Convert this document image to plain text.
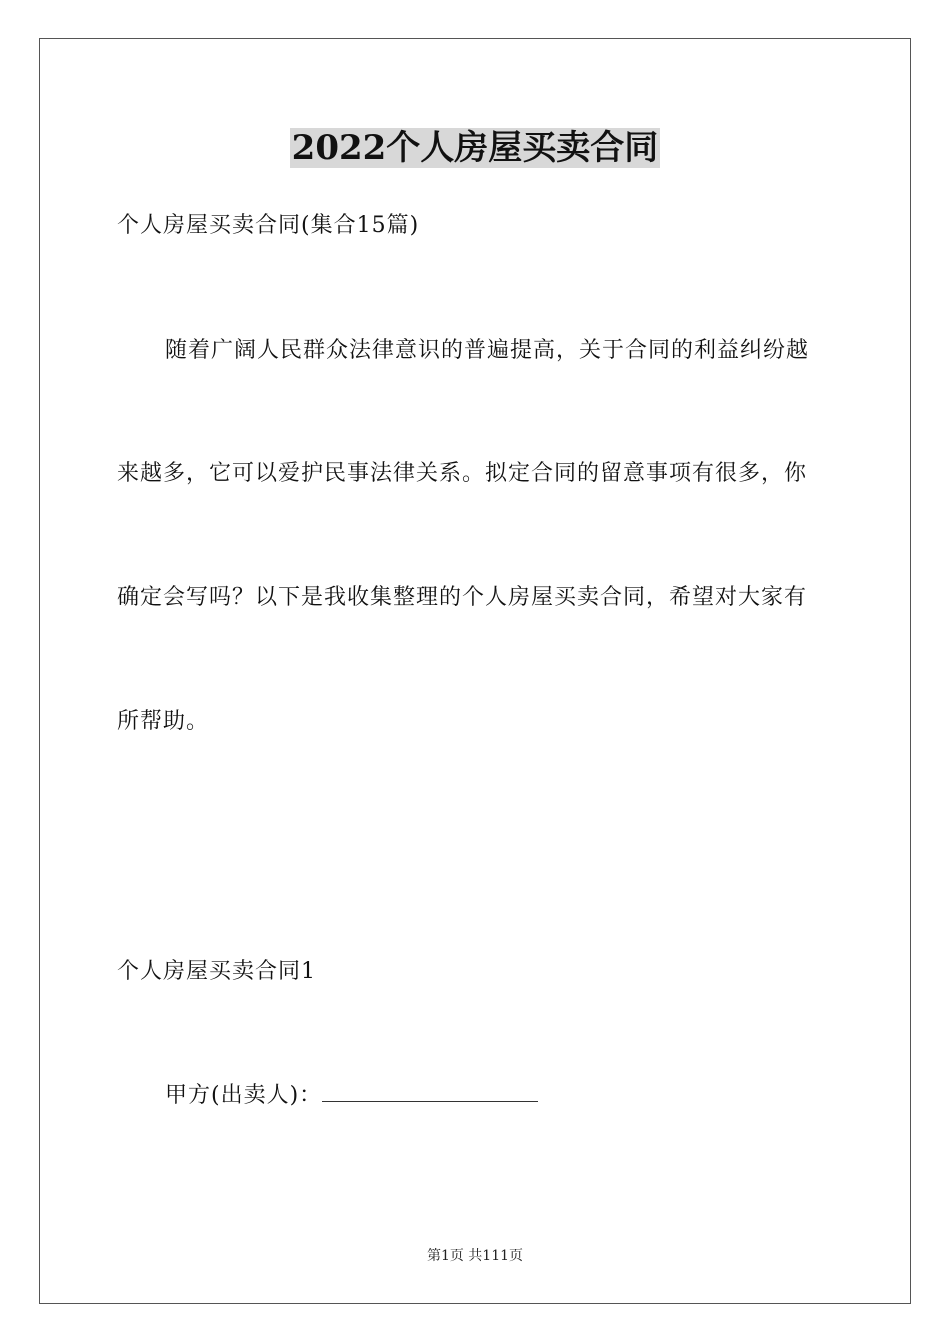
2022个人房屋买卖合同
个人房屋买卖合同(集合15篇)
随着广阔人民群众法律意识的普遍提高，关于合同的利益纠纷越
来越多，它可以爱护民事法律关系。拟定合同的留意事项有很多，你
确定会写吗？以下是我收集整理的个人房屋买卖合同，希望对大家有
所帮助。
个人房屋买卖合同1
甲方(出卖人)：
第1页 共111页
